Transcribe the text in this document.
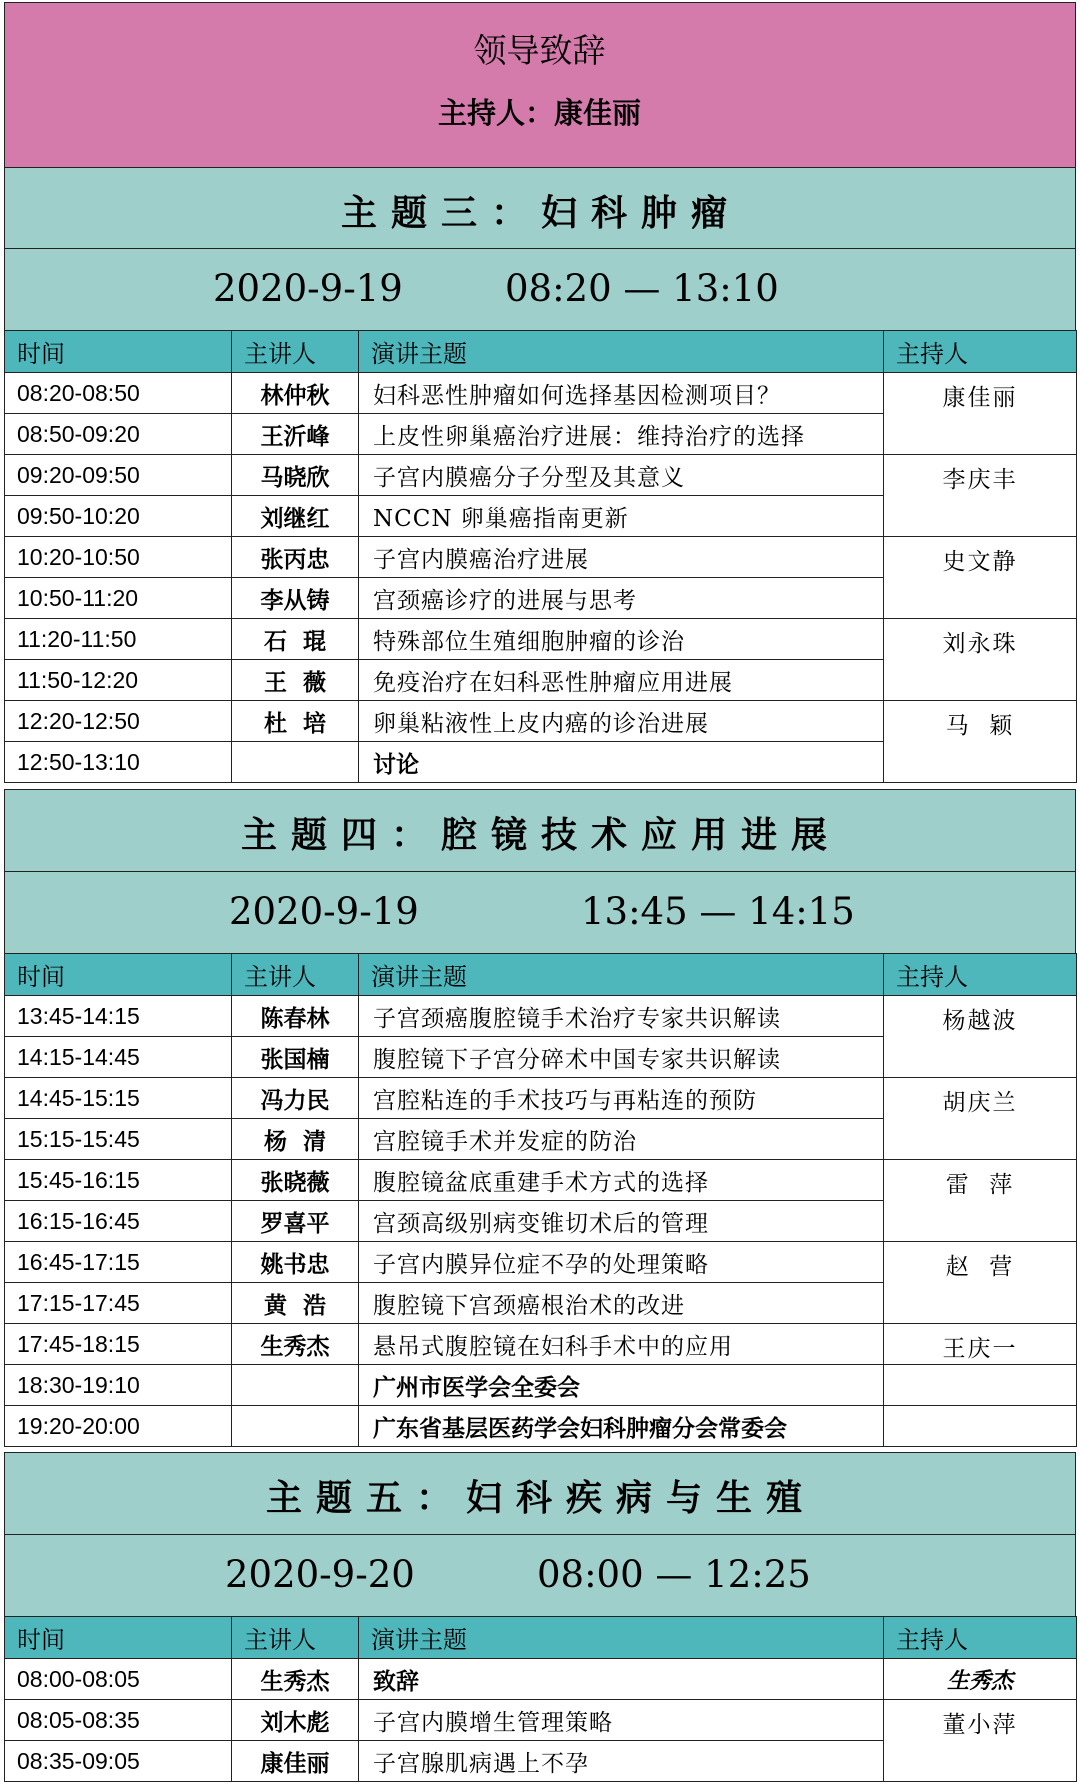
领导致辞
主持人：康佳丽
主题三：妇科肿瘤
2020-9-19	08:20 — 13:10
时间	主讲人	演讲主题	主持人
08:20-08:50	林仲秋	妇科恶性肿瘤如何选择基因检测项目？	康佳丽
08:50-09:20	王沂峰	上皮性卵巢癌治疗进展：维持治疗的选择	
09:20-09:50	马晓欣	子宫内膜癌分子分型及其意义	李庆丰
09:50-10:20	刘继红	NCCN 卵巢癌指南更新	
10:20-10:50	张丙忠	子宫内膜癌治疗进展	史文静
10:50-11:20	李从铸	宫颈癌诊疗的进展与思考	
11:20-11:50	石  琨	特殊部位生殖细胞肿瘤的诊治	刘永珠
11:50-12:20	王  薇	免疫治疗在妇科恶性肿瘤应用进展	
12:20-12:50	杜  培	卵巢粘液性上皮内癌的诊治进展	马  颖
12:50-13:10		讨论	
主题四：腔镜技术应用进展
2020-9-19	13:45 — 14:15
时间	主讲人	演讲主题	主持人
13:45-14:15	陈春林	子宫颈癌腹腔镜手术治疗专家共识解读	杨越波
14:15-14:45	张国楠	腹腔镜下子宫分碎术中国专家共识解读	
14:45-15:15	冯力民	宫腔粘连的手术技巧与再粘连的预防	胡庆兰
15:15-15:45	杨  清	宫腔镜手术并发症的防治	
15:45-16:15	张晓薇	腹腔镜盆底重建手术方式的选择	雷  萍
16:15-16:45	罗喜平	宫颈高级别病变锥切术后的管理	
16:45-17:15	姚书忠	子宫内膜异位症不孕的处理策略	赵  营
17:15-17:45	黄  浩	腹腔镜下宫颈癌根治术的改进	
17:45-18:15	生秀杰	悬吊式腹腔镜在妇科手术中的应用	王庆一
18:30-19:10		广州市医学会全委会	
19:20-20:00		广东省基层医药学会妇科肿瘤分会常委会	
主题五：妇科疾病与生殖
2020-9-20	08:00 — 12:25
时间	主讲人	演讲主题	主持人
08:00-08:05	生秀杰	致辞	生秀杰
08:05-08:35	刘木彪	子宫内膜增生管理策略	董小萍
08:35-09:05	康佳丽	子宫腺肌病遇上不孕	
